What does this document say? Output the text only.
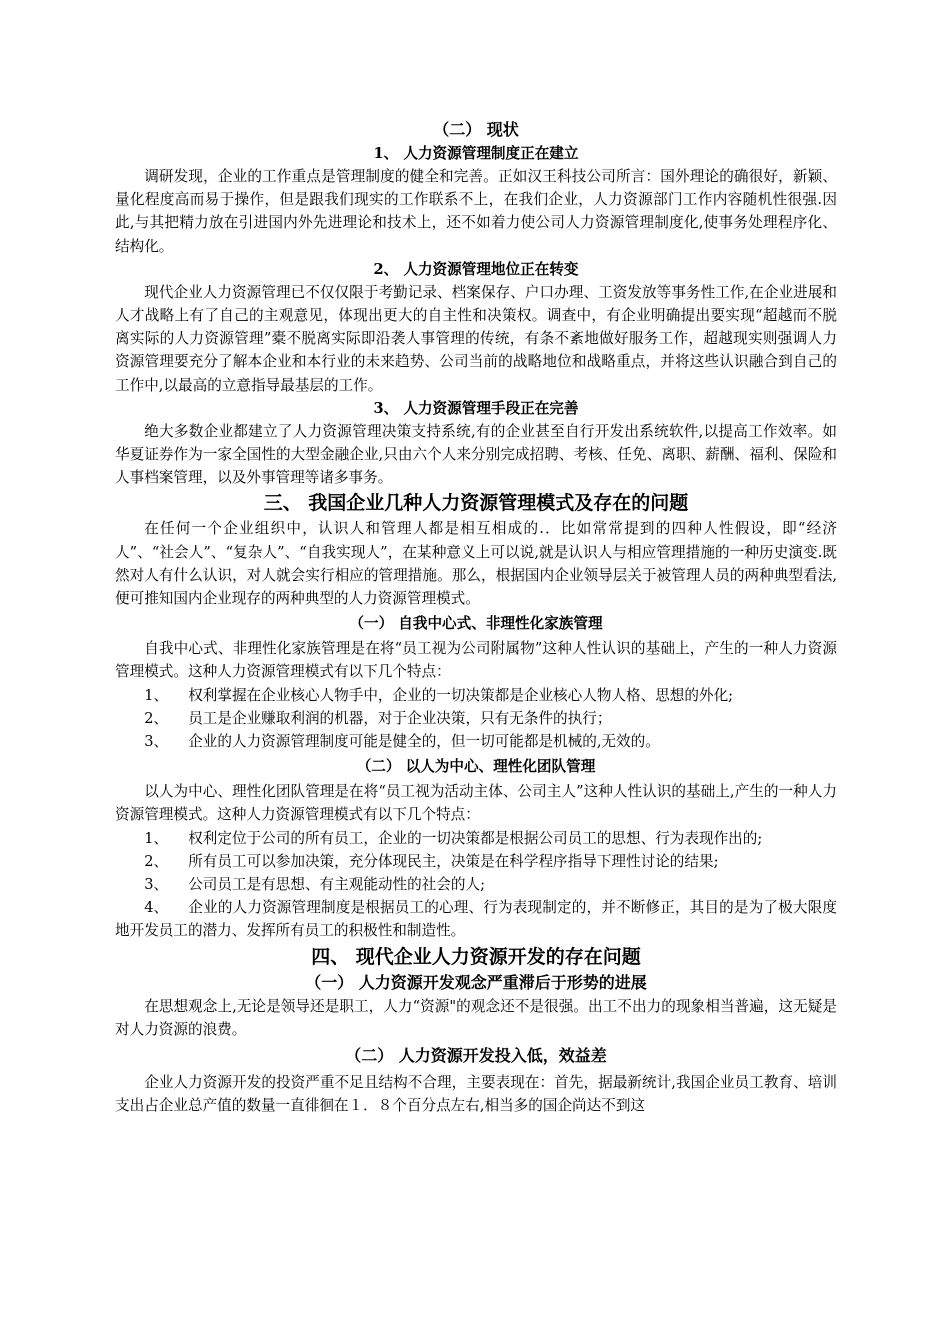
（二） 现状
1、 人力资源管理制度正在建立

调研发现，企业的工作重点是管理制度的健全和完善。正如汉王科技公司所言：国外理论的确很好，新颖、量化程度高而易于操作，但是跟我们现实的工作联系不上，在我们企业，人力资源部门工作内容随机性很强.因此,与其把精力放在引进国内外先进理论和技术上，还不如着力使公司人力资源管理制度化,使事务处理程序化、结构化。

2、 人力资源管理地位正在转变

现代企业人力资源管理已不仅仅限于考勤记录、档案保存、户口办理、工资发放等事务性工作,在企业进展和人才战略上有了自己的主观意见，体现出更大的自主性和决策权。调查中，有企业明确提出要实现“超越而不脱离实际的人力资源管理”橐不脱离实际即沿袭人事管理的传统，有条不紊地做好服务工作，超越现实则强调人力资源管理要充分了解本企业和本行业的未来趋势、公司当前的战略地位和战略重点，并将这些认识融合到自己的工作中,以最高的立意指导最基层的工作。

3、 人力资源管理手段正在完善

绝大多数企业都建立了人力资源管理决策支持系统,有的企业甚至自行开发出系统软件,以提高工作效率。如华夏证券作为一家全国性的大型金融企业,只由六个人来分别完成招聘、考核、任免、离职、薪酬、福利、保险和人事档案管理，以及外事管理等诸多事务。

三、 我国企业几种人力资源管理模式及存在的问题

在任何一个企业组织中，认识人和管理人都是相互相成的.．比如常常提到的四种人性假设，即“经济人”、“社会人”、“复杂人”、“自我实现人”，在某种意义上可以说,就是认识人与相应管理措施的一种历史演变.既然对人有什么认识，对人就会实行相应的管理措施。那么，根据国内企业领导层关于被管理人员的两种典型看法,便可推知国内企业现存的两种典型的人力资源管理模式。

（一） 自我中心式、非理性化家族管理

自我中心式、非理性化家族管理是在将“员工视为公司附属物”这种人性认识的基础上，产生的一种人力资源管理模式。这种人力资源管理模式有以下几个特点：

1、 权利掌握在企业核心人物手中，企业的一切决策都是企业核心人物人格、思想的外化;

2、 员工是企业赚取利润的机器，对于企业决策，只有无条件的执行；

3、 企业的人力资源管理制度可能是健全的，但一切可能都是机械的,无效的。

（二） 以人为中心、理性化团队管理

以人为中心、理性化团队管理是在将“员工视为活动主体、公司主人”这种人性认识的基础上,产生的一种人力资源管理模式。这种人力资源管理模式有以下几个特点：

1、 权利定位于公司的所有员工，企业的一切决策都是根据公司员工的思想、行为表现作出的;

2、 所有员工可以参加决策，充分体现民主，决策是在科学程序指导下理性讨论的结果;

3、 公司员工是有思想、有主观能动性的社会的人;

4、 企业的人力资源管理制度是根据员工的心理、行为表现制定的，并不断修正，其目的是为了极大限度地开发员工的潜力、发挥所有员工的积极性和制造性。

四、 现代企业人力资源开发的存在问题
（一） 人力资源开发观念严重滞后于形势的进展

在思想观念上,无论是领导还是职工，人力“资源"的观念还不是很强。出工不出力的现象相当普遍，这无疑是对人力资源的浪费。

（二） 人力资源开发投入低，效益差

企业人力资源开发的投资严重不足且结构不合理，主要表现在：首先，据最新统计,我国企业员工教育、培训支出占企业总产值的数量一直徘徊在１．８个百分点左右,相当多的国企尚达不到这
